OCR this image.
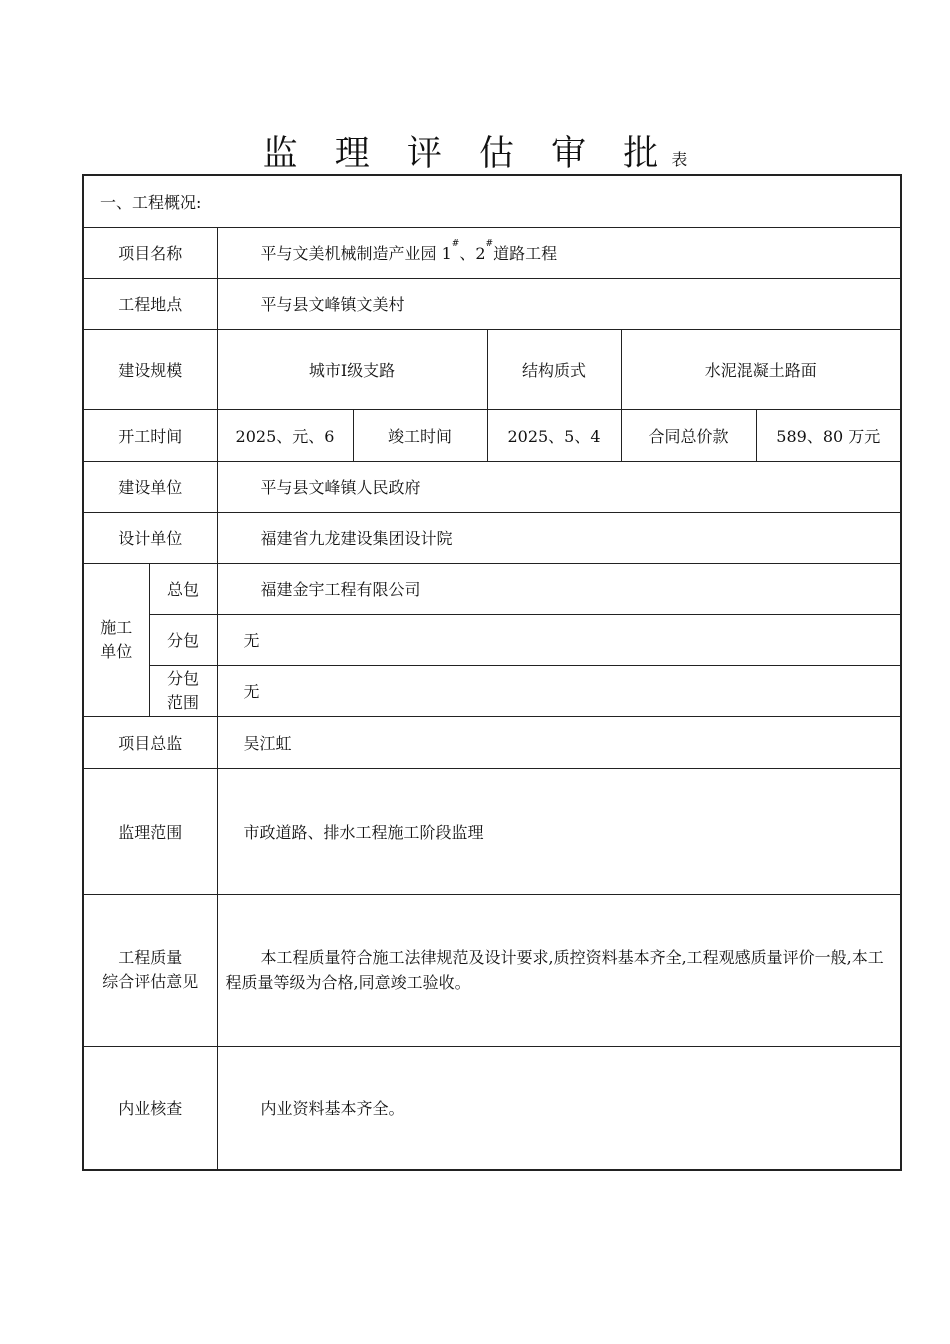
监 理 评 估 审 批表
一、工程概况:						
项目名称		平与文美机械制造产业园 1#、2#道路工程				
工程地点		平与县文峰镇文美村				
建设规模		城市Ⅰ级支路		结构质式	水泥混凝土路面	
开工时间		2025、元、6	竣工时间	2025、5、4	合同总价款	589、80 万元
建设单位		平与县文峰镇人民政府				
设计单位		福建省九龙建设集团设计院				
施工
单位	总包	福建金宇工程有限公司				
	分包	无				
	分包
范围	无				
项目总监		吴江虹				
监理范围		市政道路、排水工程施工阶段监理				
工程质量
综合评估意见		本工程质量符合施工法律规范及设计要求,质控资料基本齐全,工程观感质量评价一般,本工程质量等级为合格,同意竣工验收。				
内业核查		内业资料基本齐全。				
